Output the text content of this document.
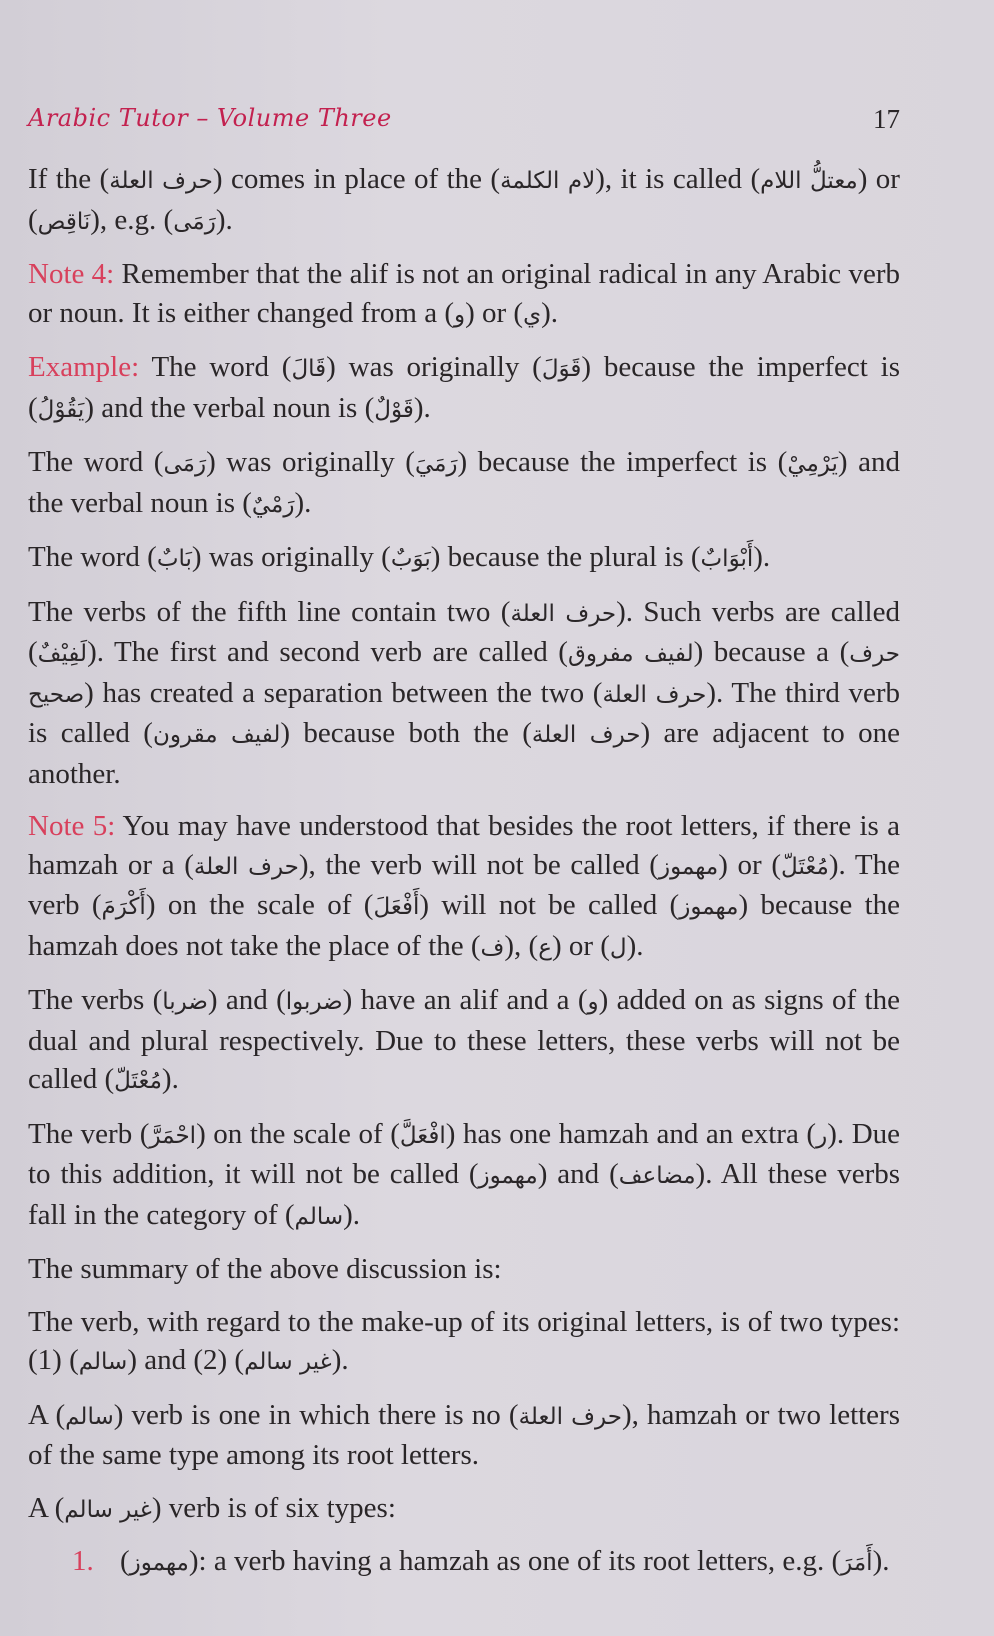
Arabic Tutor – Volume Three	17

If the (حرف العلة) comes in place of the (لام الكلمة), it is called (معتلُّ اللام) or (نَاقِص), e.g. (رَمَى).

Note 4: Remember that the alif is not an original radical in any Arabic verb or noun. It is either changed from a (و) or (ي).

Example: The word (قَالَ) was originally (قَوَلَ) because the imperfect is (يَقُوْلُ) and the verbal noun is (قَوْلٌ).

The word (رَمَى) was originally (رَمَيَ) because the imperfect is (يَرْمِيْ) and the verbal noun is (رَمْيٌ).

The word (بَابٌ) was originally (بَوَبٌ) because the plural is (أَبْوَابٌ).

The verbs of the fifth line contain two (حرف العلة). Such verbs are called (لَفِيْفٌ). The first and second verb are called (لفيف مفروق) because a (حرف صحيح) has created a separation between the two (حرف العلة). The third verb is called (لفيف مقرون) because both the (حرف العلة) are adjacent to one another.

Note 5: You may have understood that besides the root letters, if there is a hamzah or a (حرف العلة), the verb will not be called (مهموز) or (مُعْتَلّ). The verb (أَكْرَمَ) on the scale of (أَفْعَلَ) will not be called (مهموز) because the hamzah does not take the place of the (ف), (ع) or (ل).

The verbs (ضربا) and (ضربوا) have an alif and a (و) added on as signs of the dual and plural respectively. Due to these letters, these verbs will not be called (مُعْتَلّ).

The verb (احْمَرَّ) on the scale of (افْعَلَّ) has one hamzah and an extra (ر). Due to this addition, it will not be called (مهموز) and (مضاعف). All these verbs fall in the category of (سالم).

The summary of the above discussion is:

The verb, with regard to the make-up of its original letters, is of two types: (1) (سالم) and (2) (غير سالم).

A (سالم) verb is one in which there is no (حرف العلة), hamzah or two letters of the same type among its root letters.

A (غير سالم) verb is of six types:

1. (مهموز): a verb having a hamzah as one of its root letters, e.g. (أَمَرَ).
